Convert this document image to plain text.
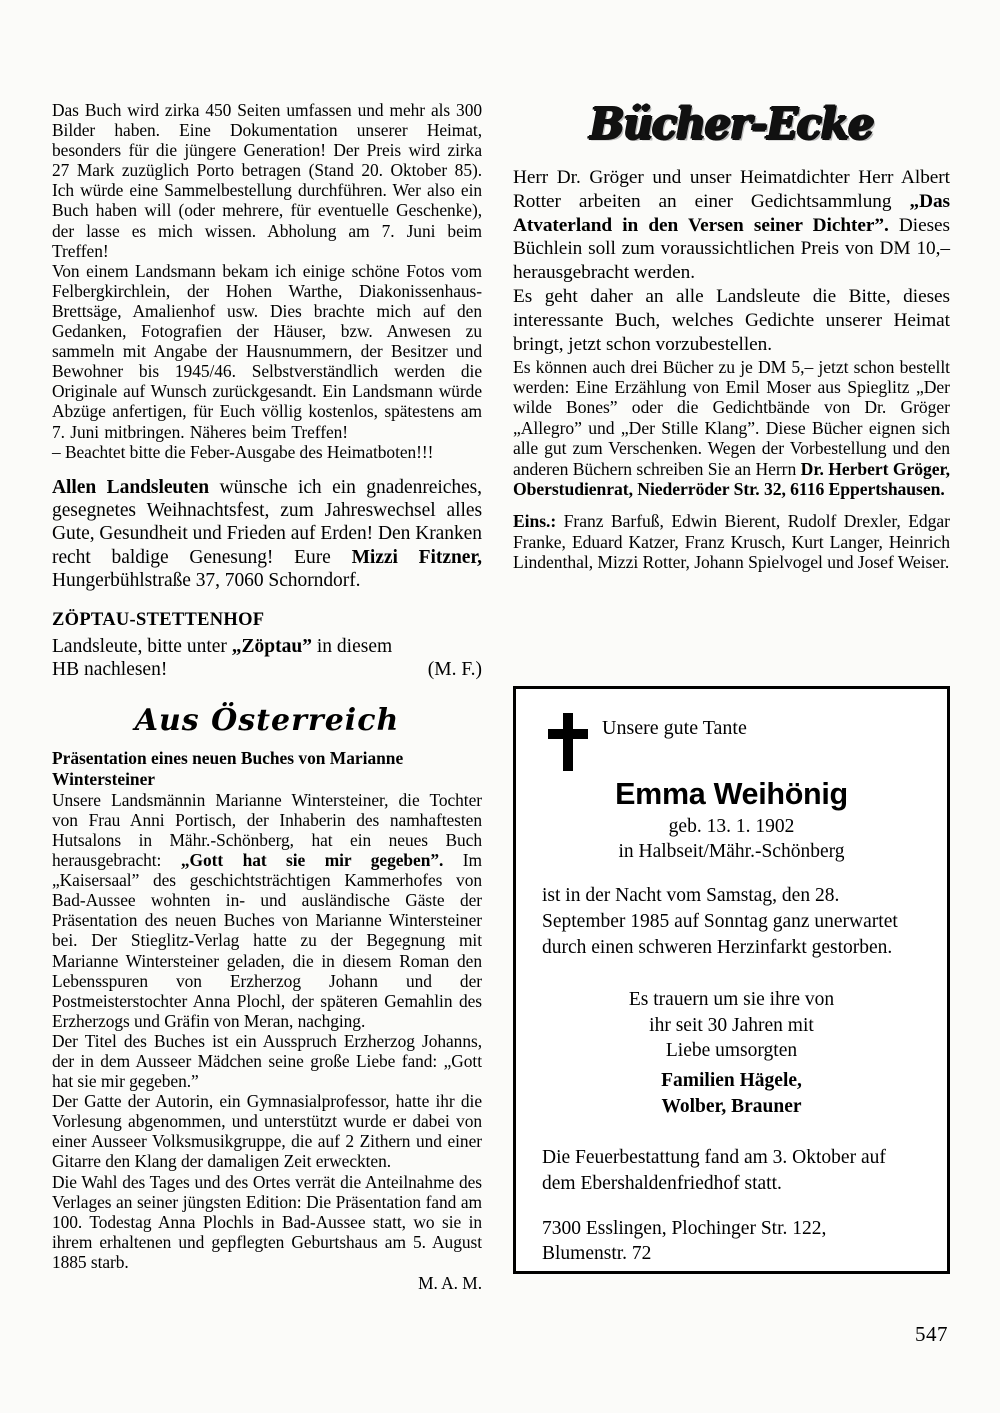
Das Buch wird zirka 450 Seiten umfassen und mehr als 300 Bilder haben. Eine Dokumentation unserer Heimat, besonders für die jüngere Generation! Der Preis wird zirka 27 Mark zuzüglich Porto betragen (Stand 20. Oktober 85). Ich würde eine Sammelbestellung durchführen. Wer also ein Buch haben will (oder mehrere, für eventuelle Geschenke), der lasse es mich wissen. Abholung am 7. Juni beim Treffen!

Von einem Landsmann bekam ich einige schöne Fotos vom Felbergkirchlein, der Hohen Warthe, Diakonissenhaus-Brettsäge, Amalienhof usw. Dies brachte mich auf den Gedanken, Fotografien der Häuser, bzw. Anwesen zu sammeln mit Angabe der Hausnummern, der Besitzer und Bewohner bis 1945/46. Selbstverständlich werden die Originale auf Wunsch zurückgesandt. Ein Landsmann würde Abzüge anfertigen, für Euch völlig kostenlos, spätestens am 7. Juni mitbringen. Näheres beim Treffen!

– Beachtet bitte die Feber-Ausgabe des Heimatboten!!!

Allen Landsleuten wünsche ich ein gnadenreiches, gesegnetes Weihnachtsfest, zum Jahreswechsel alles Gute, Gesundheit und Frieden auf Erden! Den Kranken recht baldige Genesung! Eure Mizzi Fitzner, Hungerbühlstraße 37, 7060 Schorndorf.

ZÖPTAU-STETTENHOF
Landsleute, bitte unter „Zöptau” in diesem
HB nachlesen!	(M. F.)
Aus Österreich
Präsentation eines neuen Buches von Marianne Wintersteiner

Unsere Landsmännin Marianne Wintersteiner, die Tochter von Frau Anni Portisch, der Inhaberin des namhaftesten Hutsalons in Mähr.-Schönberg, hat ein neues Buch herausgebracht: „Gott hat sie mir gegeben”. Im „Kaisersaal” des geschichtsträchtigen Kammerhofes von Bad-Aussee wohnten in- und ausländische Gäste der Präsentation des neuen Buches von Marianne Wintersteiner bei. Der Stieglitz-Verlag hatte zu der Begegnung mit Marianne Wintersteiner geladen, die in diesem Roman den Lebensspuren von Erzherzog Johann und der Postmeisterstochter Anna Plochl, der späteren Gemahlin des Erzherzogs und Gräfin von Meran, nachging.

Der Titel des Buches ist ein Ausspruch Erzherzog Johanns, der in dem Ausseer Mädchen seine große Liebe fand: „Gott hat sie mir gegeben.”

Der Gatte der Autorin, ein Gymnasialprofessor, hatte ihr die Vorlesung abgenommen, und unterstützt wurde er dabei von einer Ausseer Volksmusikgruppe, die auf 2 Zithern und einer Gitarre den Klang der damaligen Zeit erweckten.

Die Wahl des Tages und des Ortes verrät die Anteilnahme des Verlages an seiner jüngsten Edition: Die Präsentation fand am 100. Todestag Anna Plochls in Bad-Aussee statt, wo sie in ihrem erhaltenen und gepflegten Geburtshaus am 5. August 1885 starb.

M. A. M.
Bücher-Ecke

Herr Dr. Gröger und unser Heimatdichter Herr Albert Rotter arbeiten an einer Gedichtsammlung „Das Atvaterland in den Versen seiner Dichter”. Dieses Büchlein soll zum voraussichtlichen Preis von DM 10,– herausgebracht werden.

Es geht daher an alle Landsleute die Bitte, dieses interessante Buch, welches Gedichte unserer Heimat bringt, jetzt schon vorzubestellen.

Es können auch drei Bücher zu je DM 5,– jetzt schon bestellt werden: Eine Erzählung von Emil Moser aus Spieglitz „Der wilde Bones” oder die Gedichtbände von Dr. Gröger „Allegro” und „Der Stille Klang”. Diese Bücher eignen sich alle gut zum Verschenken. Wegen der Vorbestellung und den anderen Büchern schreiben Sie an Herrn Dr. Herbert Gröger, Oberstudienrat, Niederröder Str. 32, 6116 Eppertshausen.

Eins.: Franz Barfuß, Edwin Bierent, Rudolf Drexler, Edgar Franke, Eduard Katzer, Franz Krusch, Kurt Langer, Heinrich Lindenthal, Mizzi Rotter, Johann Spielvogel und Josef Weiser.

Unsere gute Tante
Emma Weihönig
geb. 13. 1. 1902
in Halbseit/Mähr.-Schönberg
ist in der Nacht vom Samstag, den 28. September 1985 auf Sonntag ganz unerwartet durch einen schweren Herzinfarkt gestorben.
Es trauern um sie ihre von
ihr seit 30 Jahren mit
Liebe umsorgten
Familien Hägele,
Wolber, Brauner
Die Feuerbestattung fand am 3. Oktober auf dem Ebershaldenfriedhof statt.
7300 Esslingen, Plochinger Str. 122,
Blumenstr. 72
547
